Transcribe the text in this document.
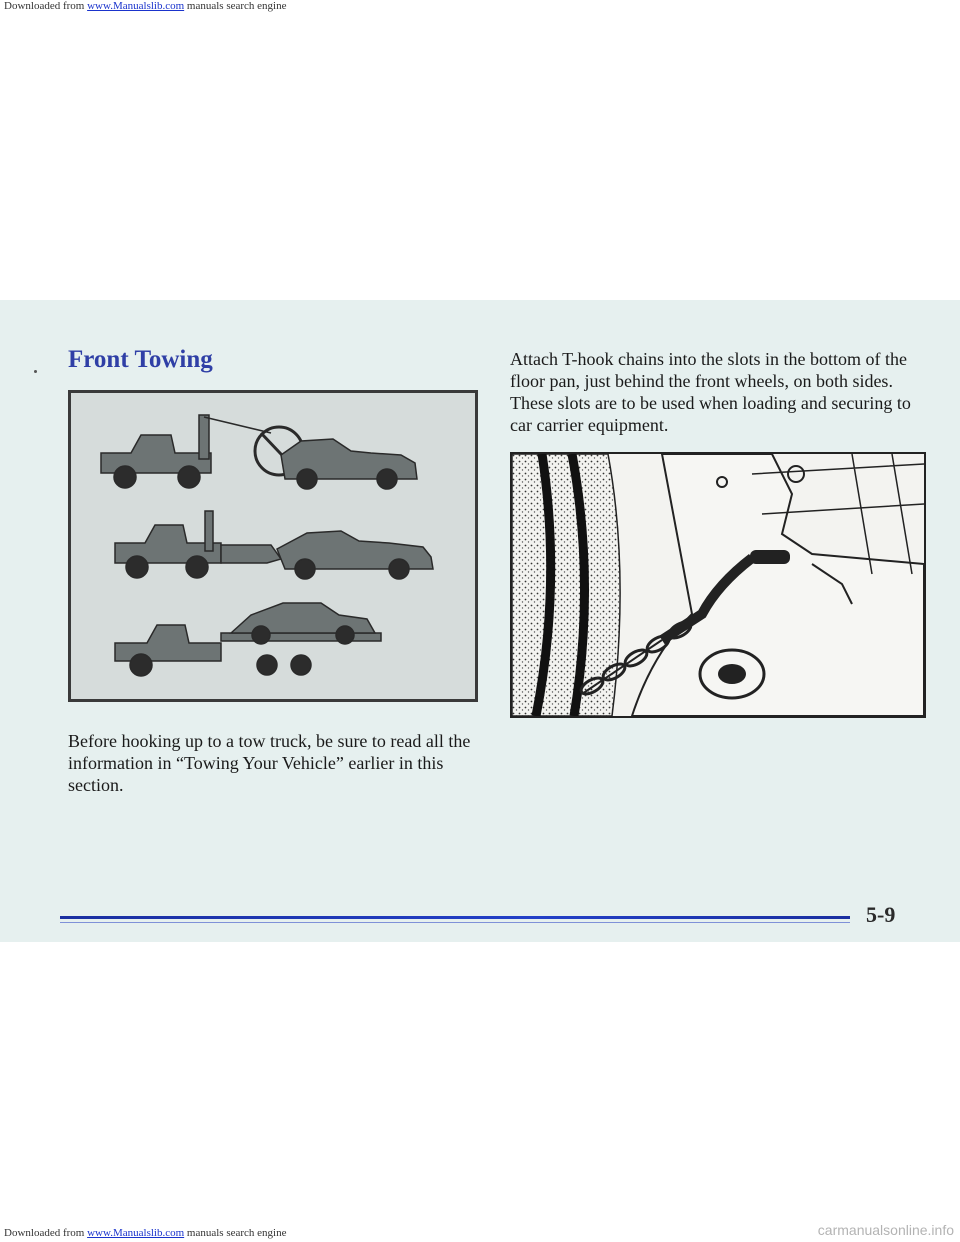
Downloaded from www.Manualslib.com manuals search engine
Front Towing

Before hooking up to a tow truck, be sure to read all the information in “Towing Your Vehicle” earlier in this section.

Attach T-hook chains into the slots in the bottom of the floor pan, just behind the front wheels, on both sides. These slots are to be used when loading and securing to car carrier equipment.

5-9

Downloaded from www.Manualslib.com manuals search engine	carmanualsonline.info
